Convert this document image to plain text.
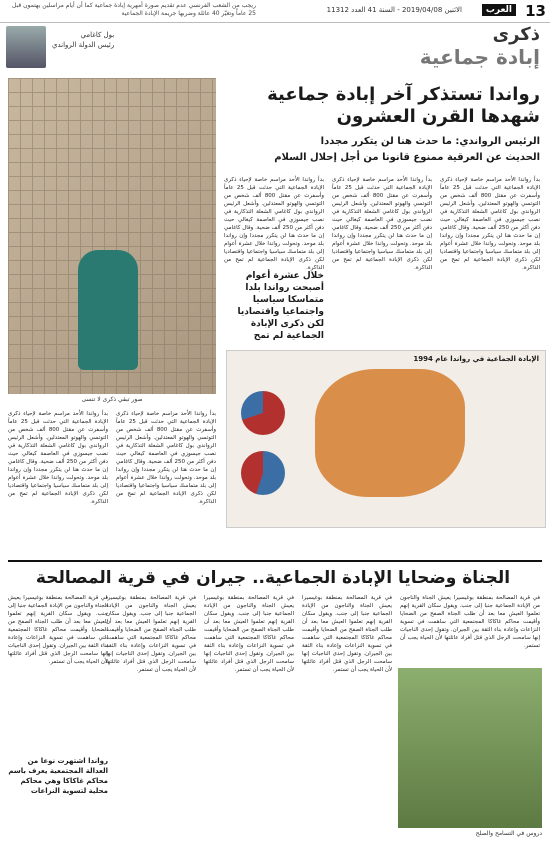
13
العرب
الاثنين 2019/04/08 - السنة 41 العدد 11312
ريجب من الشعب الفرنسي عدم تقديم صورة أمهرية إبادة جماعية كما أن أيام مراسلين يهتمون قبل 25 عاماً وتغيّر 40 عائلة وضربها جريمة الإبادة الجماعية
بول كاغامي
رئيس الدولة الرواندي	ذكرى
إبادة جماعية
صور تبقي ذكرى لا تنسى
رواندا تستذكر آخر إبادة جماعية شهدها القرن العشرون
الرئيس الرواندي: ما حدث هنا لن يتكرر مجددا
الحديث عن العرقية ممنوع قانونا من أجل إحلال السلام
بدأ رواندا الأحد مراسم خاصة لإحياء ذكرى الإبادة الجماعية التي حدثت قبل 25 عاماً وأسفرت عن مقتل 800 ألف شخص من التوتسي والهوتو المعتدلين. وأشعل الرئيس الرواندي بول كاغامي الشعلة التذكارية في نصب جيسوزي في العاصمة كيغالي حيث دفن أكثر من 250 ألف ضحية. وقال كاغامي إن ما حدث هنا لن يتكرر مجددا وإن رواندا بلد موحد. وتحولت رواندا خلال عشرة أعوام إلى بلد متماسك سياسيا واجتماعيا واقتصاديا لكن ذكرى الإبادة الجماعية لم تمح من الذاكرة.
بدأ رواندا الأحد مراسم خاصة لإحياء ذكرى الإبادة الجماعية التي حدثت قبل 25 عاماً وأسفرت عن مقتل 800 ألف شخص من التوتسي والهوتو المعتدلين. وأشعل الرئيس الرواندي بول كاغامي الشعلة التذكارية في نصب جيسوزي في العاصمة كيغالي حيث دفن أكثر من 250 ألف ضحية. وقال كاغامي إن ما حدث هنا لن يتكرر مجددا وإن رواندا بلد موحد. وتحولت رواندا خلال عشرة أعوام إلى بلد متماسك سياسيا واجتماعيا واقتصاديا لكن ذكرى الإبادة الجماعية لم تمح من الذاكرة.
بدأ رواندا الأحد مراسم خاصة لإحياء ذكرى الإبادة الجماعية التي حدثت قبل 25 عاماً وأسفرت عن مقتل 800 ألف شخص من التوتسي والهوتو المعتدلين. وأشعل الرئيس الرواندي بول كاغامي الشعلة التذكارية في نصب جيسوزي في العاصمة كيغالي حيث دفن أكثر من 250 ألف ضحية. وقال كاغامي إن ما حدث هنا لن يتكرر مجددا وإن رواندا بلد موحد. وتحولت رواندا خلال عشرة أعوام إلى بلد متماسك سياسيا واجتماعيا واقتصاديا لكن ذكرى الإبادة الجماعية لم تمح من الذاكرة.
خلال عشرة أعوام أصبحت رواندا بلدا متماسكا سياسيا واجتماعيا واقتصاديا لكن ذكرى الإبادة الجماعية لم تمح
الإبادة الجماعية في رواندا عام 1994
بدأ رواندا الأحد مراسم خاصة لإحياء ذكرى الإبادة الجماعية التي حدثت قبل 25 عاماً وأسفرت عن مقتل 800 ألف شخص من التوتسي والهوتو المعتدلين. وأشعل الرئيس الرواندي بول كاغامي الشعلة التذكارية في نصب جيسوزي في العاصمة كيغالي حيث دفن أكثر من 250 ألف ضحية. وقال كاغامي إن ما حدث هنا لن يتكرر مجددا وإن رواندا بلد موحد. وتحولت رواندا خلال عشرة أعوام إلى بلد متماسك سياسيا واجتماعيا واقتصاديا لكن ذكرى الإبادة الجماعية لم تمح من الذاكرة.
بدأ رواندا الأحد مراسم خاصة لإحياء ذكرى الإبادة الجماعية التي حدثت قبل 25 عاماً وأسفرت عن مقتل 800 ألف شخص من التوتسي والهوتو المعتدلين. وأشعل الرئيس الرواندي بول كاغامي الشعلة التذكارية في نصب جيسوزي في العاصمة كيغالي حيث دفن أكثر من 250 ألف ضحية. وقال كاغامي إن ما حدث هنا لن يتكرر مجددا وإن رواندا بلد موحد. وتحولت رواندا خلال عشرة أعوام إلى بلد متماسك سياسيا واجتماعيا واقتصاديا لكن ذكرى الإبادة الجماعية لم تمح من الذاكرة.
الجناة وضحايا الإبادة الجماعية.. جيران في قرية المصالحة
في قرية المصالحة بمنطقة بوغيسيرا يعيش الجناة والناجون من الإبادة الجماعية جنبا إلى جنب. ويقول سكان القرية إنهم تعلموا العيش معا بعد أن طلب الجناة الصفح من الضحايا وأقيمت محاكم غاكاكا المجتمعية التي ساهمت في تسوية النزاعات وإعادة بناء الثقة بين الجيران. وتقول إحدى الناجيات إنها سامحت الرجل الذي قتل أفراد عائلتها لأن الحياة يجب أن تستمر.
في قرية المصالحة بمنطقة بوغيسيرا يعيش الجناة والناجون من الإبادة الجماعية جنبا إلى جنب. ويقول سكان القرية إنهم تعلموا العيش معا بعد أن طلب الجناة الصفح من الضحايا وأقيمت محاكم غاكاكا المجتمعية التي ساهمت في تسوية النزاعات وإعادة بناء الثقة بين الجيران. وتقول إحدى الناجيات إنها سامحت الرجل الذي قتل أفراد عائلتها لأن الحياة يجب أن تستمر.
في قرية المصالحة بمنطقة بوغيسيرا يعيش الجناة والناجون من الإبادة الجماعية جنبا إلى جنب. ويقول سكان القرية إنهم تعلموا العيش معا بعد أن طلب الجناة الصفح من الضحايا وأقيمت محاكم غاكاكا المجتمعية التي ساهمت في تسوية النزاعات وإعادة بناء الثقة بين الجيران. وتقول إحدى الناجيات إنها سامحت الرجل الذي قتل أفراد عائلتها لأن الحياة يجب أن تستمر.
في قرية المصالحة بمنطقة بوغيسيرا يعيش الجناة والناجون من الإبادة الجماعية جنبا إلى جنب. ويقول سكان القرية إنهم تعلموا العيش معا بعد أن طلب الجناة الصفح من الضحايا وأقيمت محاكم غاكاكا المجتمعية التي ساهمت في تسوية النزاعات وإعادة بناء الثقة بين الجيران. وتقول إحدى الناجيات إنها سامحت الرجل الذي قتل أفراد عائلتها لأن الحياة يجب أن تستمر.
في قرية المصالحة بمنطقة بوغيسيرا يعيش الجناة والناجون من الإبادة الجماعية جنبا إلى جنب. ويقول سكان القرية إنهم تعلموا العيش معا بعد أن طلب الجناة الصفح من الضحايا وأقيمت محاكم غاكاكا المجتمعية التي ساهمت في تسوية النزاعات وإعادة بناء الثقة بين الجيران. وتقول إحدى الناجيات إنها سامحت الرجل الذي قتل أفراد عائلتها لأن الحياة يجب أن تستمر.
رواندا اشتهرت نوعا من العدالة المجتمعية يعرف باسم محاكم غاكاكا وهي محاكم محلية لتسوية النزاعات
دروس في التسامح والصلح
